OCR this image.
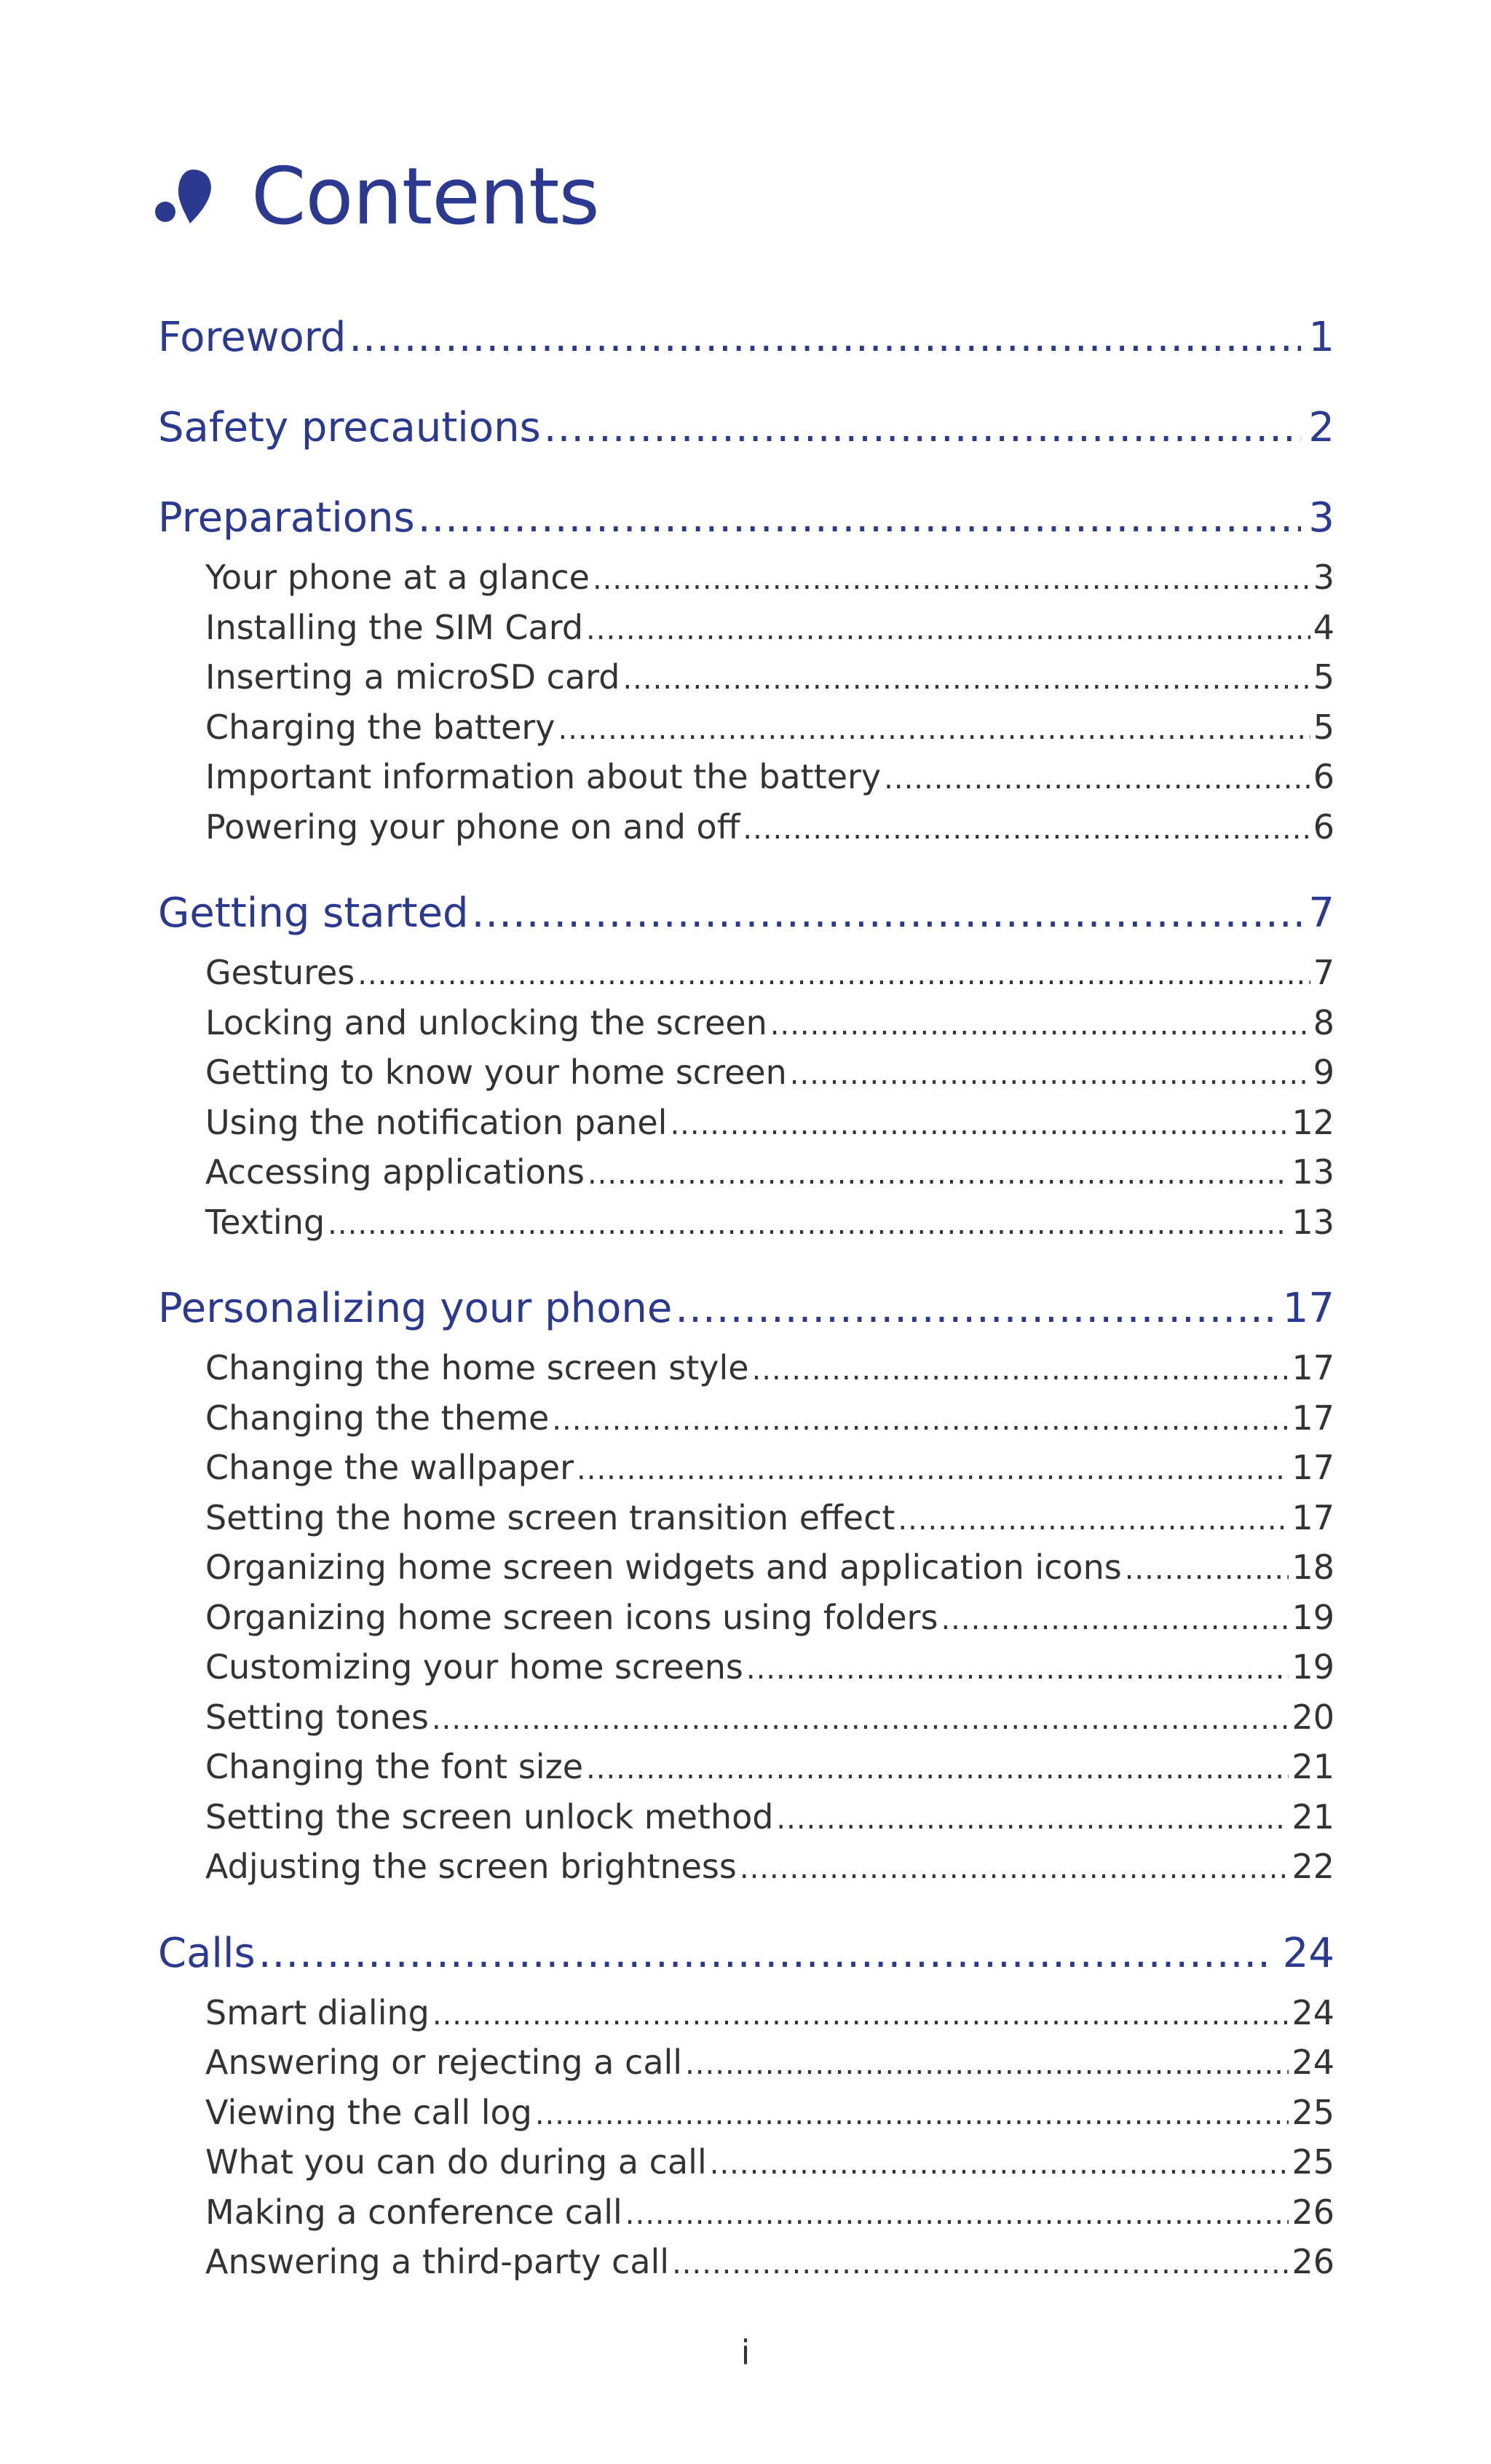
Contents
Foreword .....	1
Safety precautions .....	2
Preparations .....	3
Your phone at a glance .....	3
Installing the SIM Card .....	4
Inserting a microSD card .....	5
Charging the battery .....	5
Important information about the battery .....	6
Powering your phone on and off .....	6
Getting started .....	7
Gestures .....	7
Locking and unlocking the screen .....	8
Getting to know your home screen .....	9
Using the notification panel .....	12
Accessing applications .....	13
Texting .....	13
Personalizing your phone .....	17
Changing the home screen style .....	17
Changing the theme .....	17
Change the wallpaper .....	17
Setting the home screen transition effect .....	17
Organizing home screen widgets and application icons .....	18
Organizing home screen icons using folders .....	19
Customizing your home screens .....	19
Setting tones .....	20
Changing the font size .....	21
Setting the screen unlock method .....	21
Adjusting the screen brightness .....	22
Calls .....	24
Smart dialing .....	24
Answering or rejecting a call .....	24
Viewing the call log .....	25
What you can do during a call .....	25
Making a conference call .....	26
Answering a third-party call .....	26
i
